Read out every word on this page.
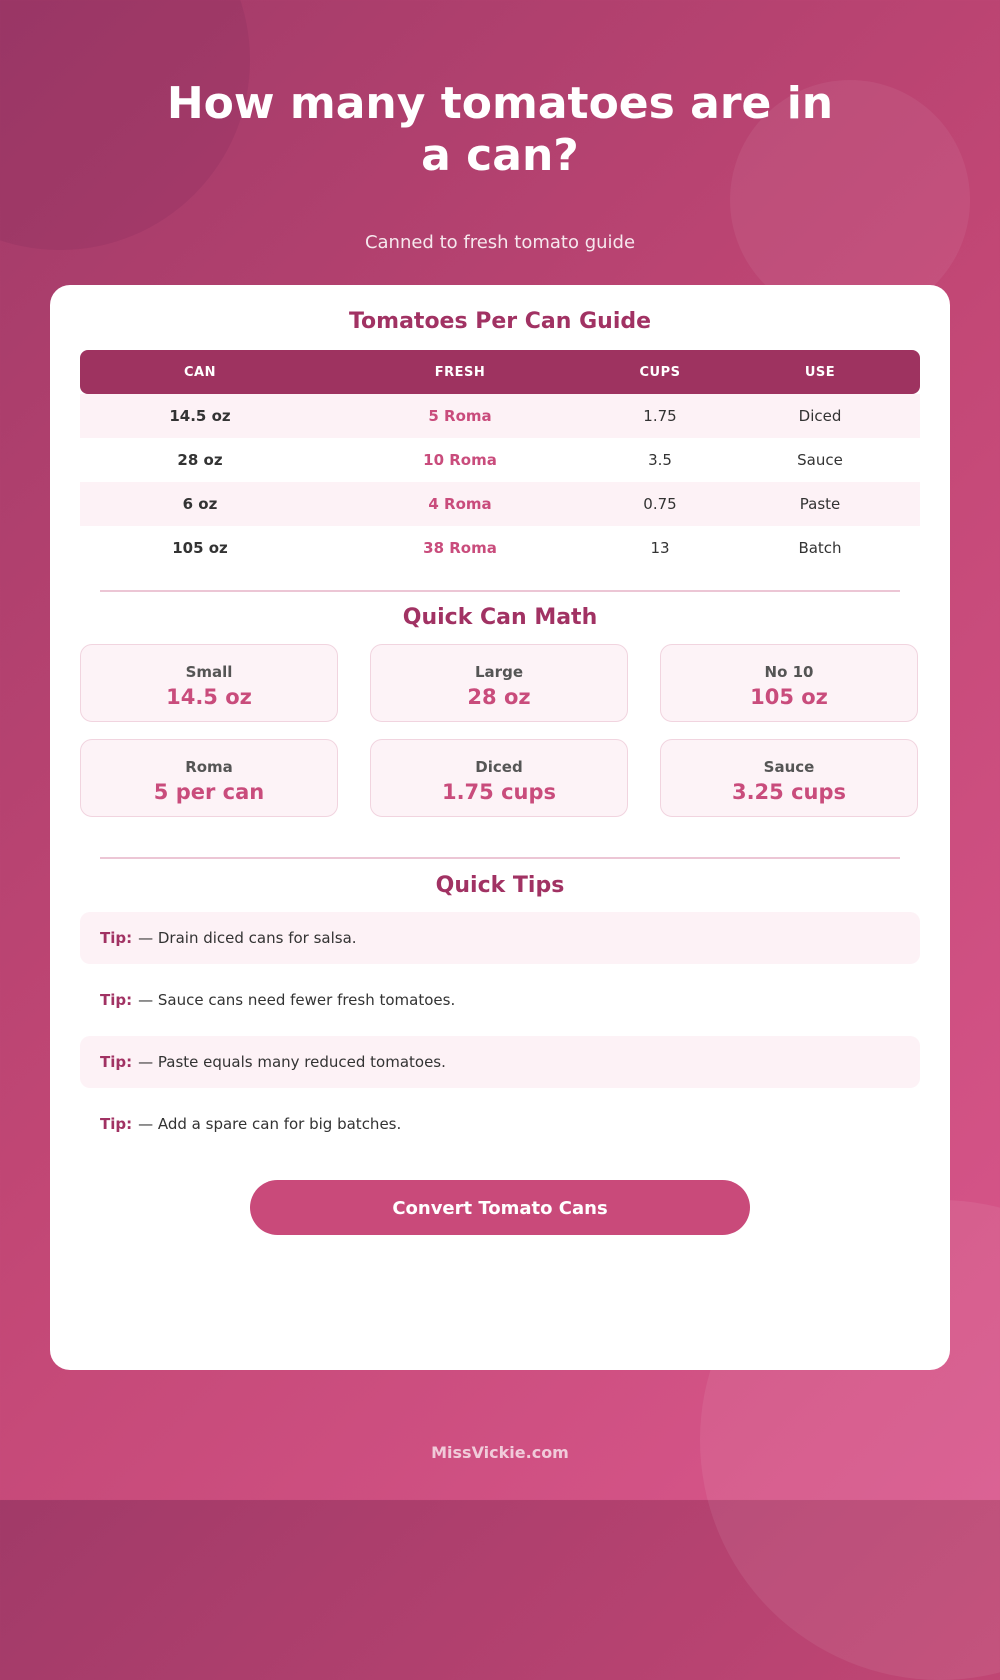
How many tomatoes are in a can?
Canned to fresh tomato guide
Tomatoes Per Can Guide
CAN	FRESH	CUPS	USE
14.5 oz	5 Roma	1.75	Diced
28 oz	10 Roma	3.5	Sauce
6 oz	4 Roma	0.75	Paste
105 oz	38 Roma	13	Batch
Quick Can Math
Small
14.5 oz
Large
28 oz
No 10
105 oz
Roma
5 per can
Diced
1.75 cups
Sauce
3.25 cups
Quick Tips
Tip: — Drain diced cans for salsa.
Tip: — Sauce cans need fewer fresh tomatoes.
Tip: — Paste equals many reduced tomatoes.
Tip: — Add a spare can for big batches.
Convert Tomato Cans
MissVickie.com
